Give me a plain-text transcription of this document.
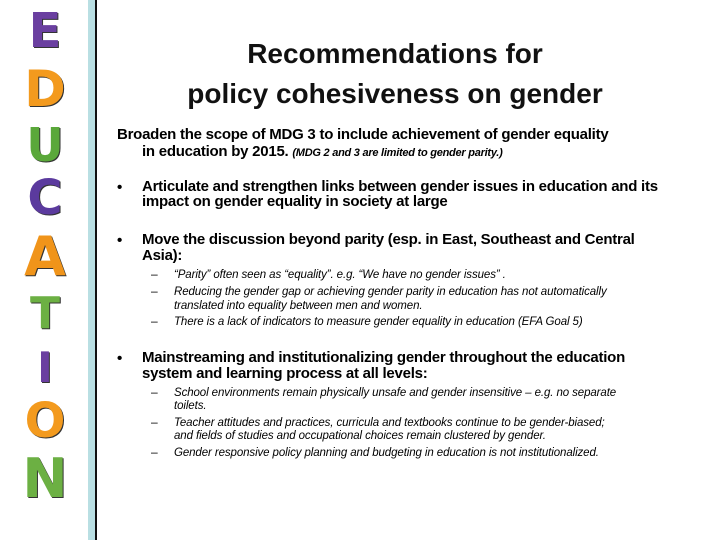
E
D
U
C
A
T
I
O
N
Recommendations for
policy cohesiveness on gender
Broaden the scope of MDG 3 to include achievement of gender equality
in education by 2015. (MDG 2 and 3 are limited to gender parity.)
• Articulate and strengthen links between gender issues in education and its
impact on gender equality in society at large
• Move the discussion beyond parity (esp. in East, Southeast and Central
Asia):
– “Parity” often seen as “equality”. e.g. “We have no gender issues” .
– Reducing the gender gap or achieving gender parity in education has not automatically
translated into equality between men and women.
– There is a lack of indicators to measure gender equality in education (EFA Goal 5)
• Mainstreaming and institutionalizing gender throughout the education
system and learning process at all levels:
– School environments remain physically unsafe and gender insensitive – e.g. no separate
toilets.
– Teacher attitudes and practices, curricula and textbooks continue to be gender-biased;
and fields of studies and occupational choices remain clustered by gender.
– Gender responsive policy planning and budgeting in education is not institutionalized.
